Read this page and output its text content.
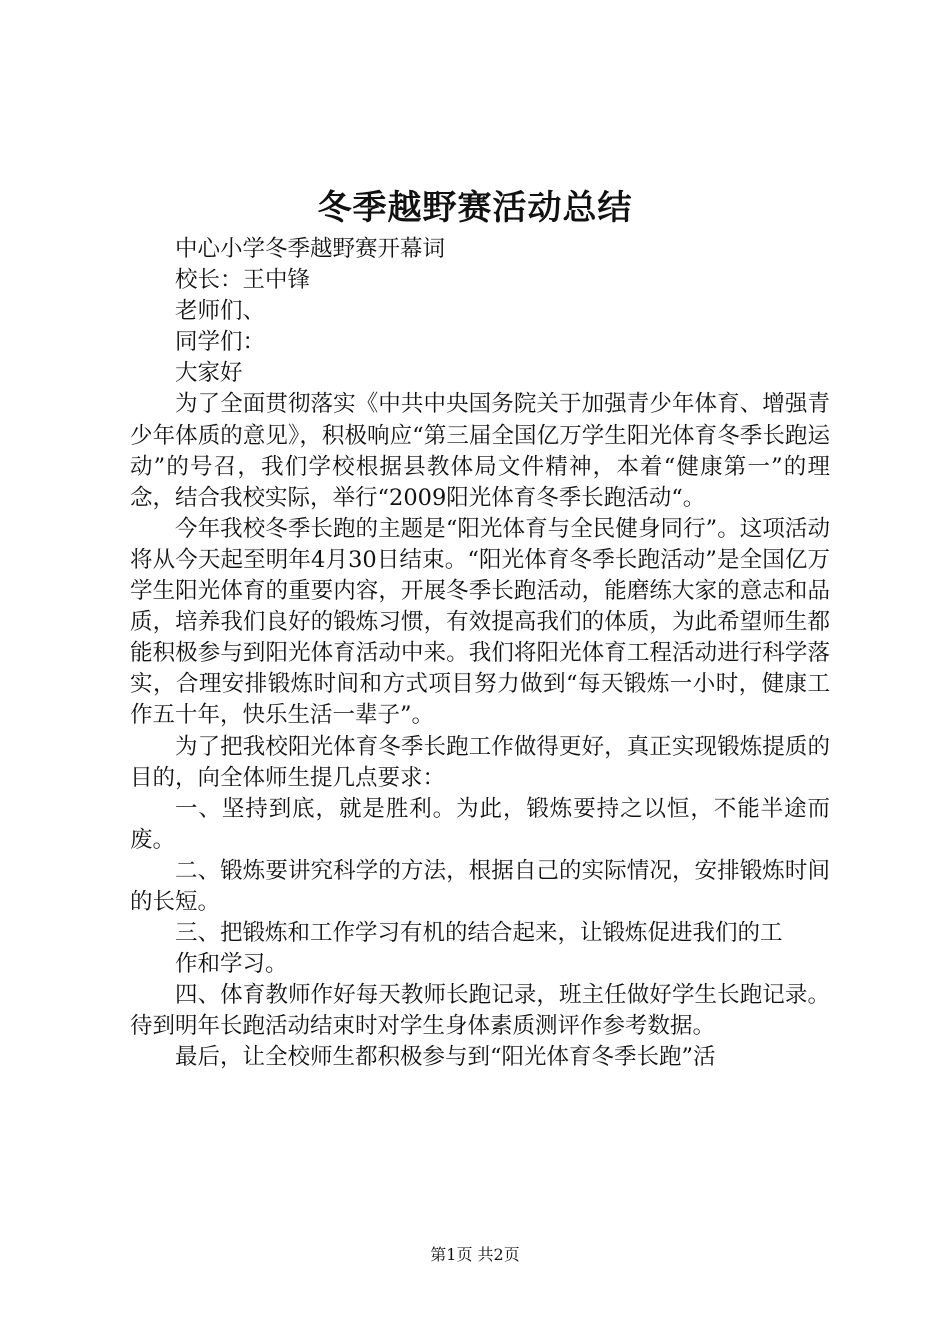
冬季越野赛活动总结

中心小学冬季越野赛开幕词

校长：王中锋

老师们、

同学们：

大家好

为了全面贯彻落实《中共中央国务院关于加强青少年体育、增强青少年体质的意见》，积极响应“第三届全国亿万学生阳光体育冬季长跑运动”的号召，我们学校根据县教体局文件精神，本着“健康第一”的理念，结合我校实际，举行“2009阳光体育冬季长跑活动“。

今年我校冬季长跑的主题是“阳光体育与全民健身同行”。这项活动将从今天起至明年4月30日结束。“阳光体育冬季长跑活动”是全国亿万学生阳光体育的重要内容，开展冬季长跑活动，能磨练大家的意志和品质，培养我们良好的锻炼习惯，有效提高我们的体质，为此希望师生都能积极参与到阳光体育活动中来。我们将阳光体育工程活动进行科学落实，合理安排锻炼时间和方式项目努力做到“每天锻炼一小时，健康工作五十年，快乐生活一辈子”。

为了把我校阳光体育冬季长跑工作做得更好，真正实现锻炼提质的目的，向全体师生提几点要求：

一、坚持到底，就是胜利。为此，锻炼要持之以恒，不能半途而废。

二、锻炼要讲究科学的方法，根据自己的实际情况，安排锻炼时间的长短。

三、把锻炼和工作学习有机的结合起来，让锻炼促进我们的工

作和学习。

四、体育教师作好每天教师长跑记录，班主任做好学生长跑记录。待到明年长跑活动结束时对学生身体素质测评作参考数据。

最后，让全校师生都积极参与到“阳光体育冬季长跑”活

第1页 共2页
